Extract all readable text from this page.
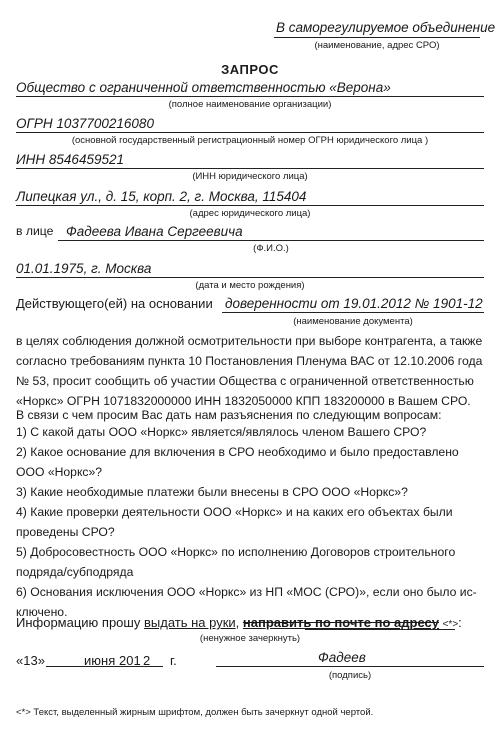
В саморегулируемое объединение
(наименование, адрес СРО)
ЗАПРОС
Общество с ограниченной ответственностью «Верона»
(полное наименование организации)
ОГРН 1037700216080
(основной государственный регистрационный номер ОГРН юридического лица )
ИНН 8546459521
(ИНН юридического лица)
Липецкая ул., д. 15, корп. 2, г. Москва, 115404
(адрес юридического лица)
в лице Фадеева Ивана Сергеевича
(Ф.И.О.)
01.01.1975, г. Москва
(дата и место рождения)
Действующего(ей) на основании доверенности от 19.01.2012 № 1901-12
(наименование документа)
в целях соблюдения должной осмотрительности при выборе контрагента, а также
согласно требованиям пункта 10 Постановления Пленума ВАС от 12.10.2006 года
№ 53, просит сообщить об участии Общества с ограниченной ответственностью
«Норкс» ОГРН 1071832000000 ИНН 1832050000 КПП 183200000 в Вашем СРО.
В связи с чем просим Вас дать нам разъяснения по следующим вопросам:
1) С какой даты ООО «Норкс» является/являлось членом Вашего СРО?
2) Какое основание для включения в СРО необходимо и было предоставлено
ООО «Норкс»?
3) Какие необходимые платежи были внесены в СРО ООО «Норкс»?
4) Какие проверки деятельности ООО «Норкс» и на каких его объектах были
проведены СРО?
5) Добросовестность ООО «Норкс» по исполнению Договоров строительного
подряда/субподряда
6) Основания исключения ООО «Норкс» из НП «МОС (СРО)», если оно было ис-
ключено.
Информацию прошу выдать на руки, направить по почте по адресу <*>:
(ненужное зачеркнуть)
«13»	июня 201 2 г.	Фадеев
(подпись)
<*> Текст, выделенный жирным шрифтом, должен быть зачеркнут одной чертой.
